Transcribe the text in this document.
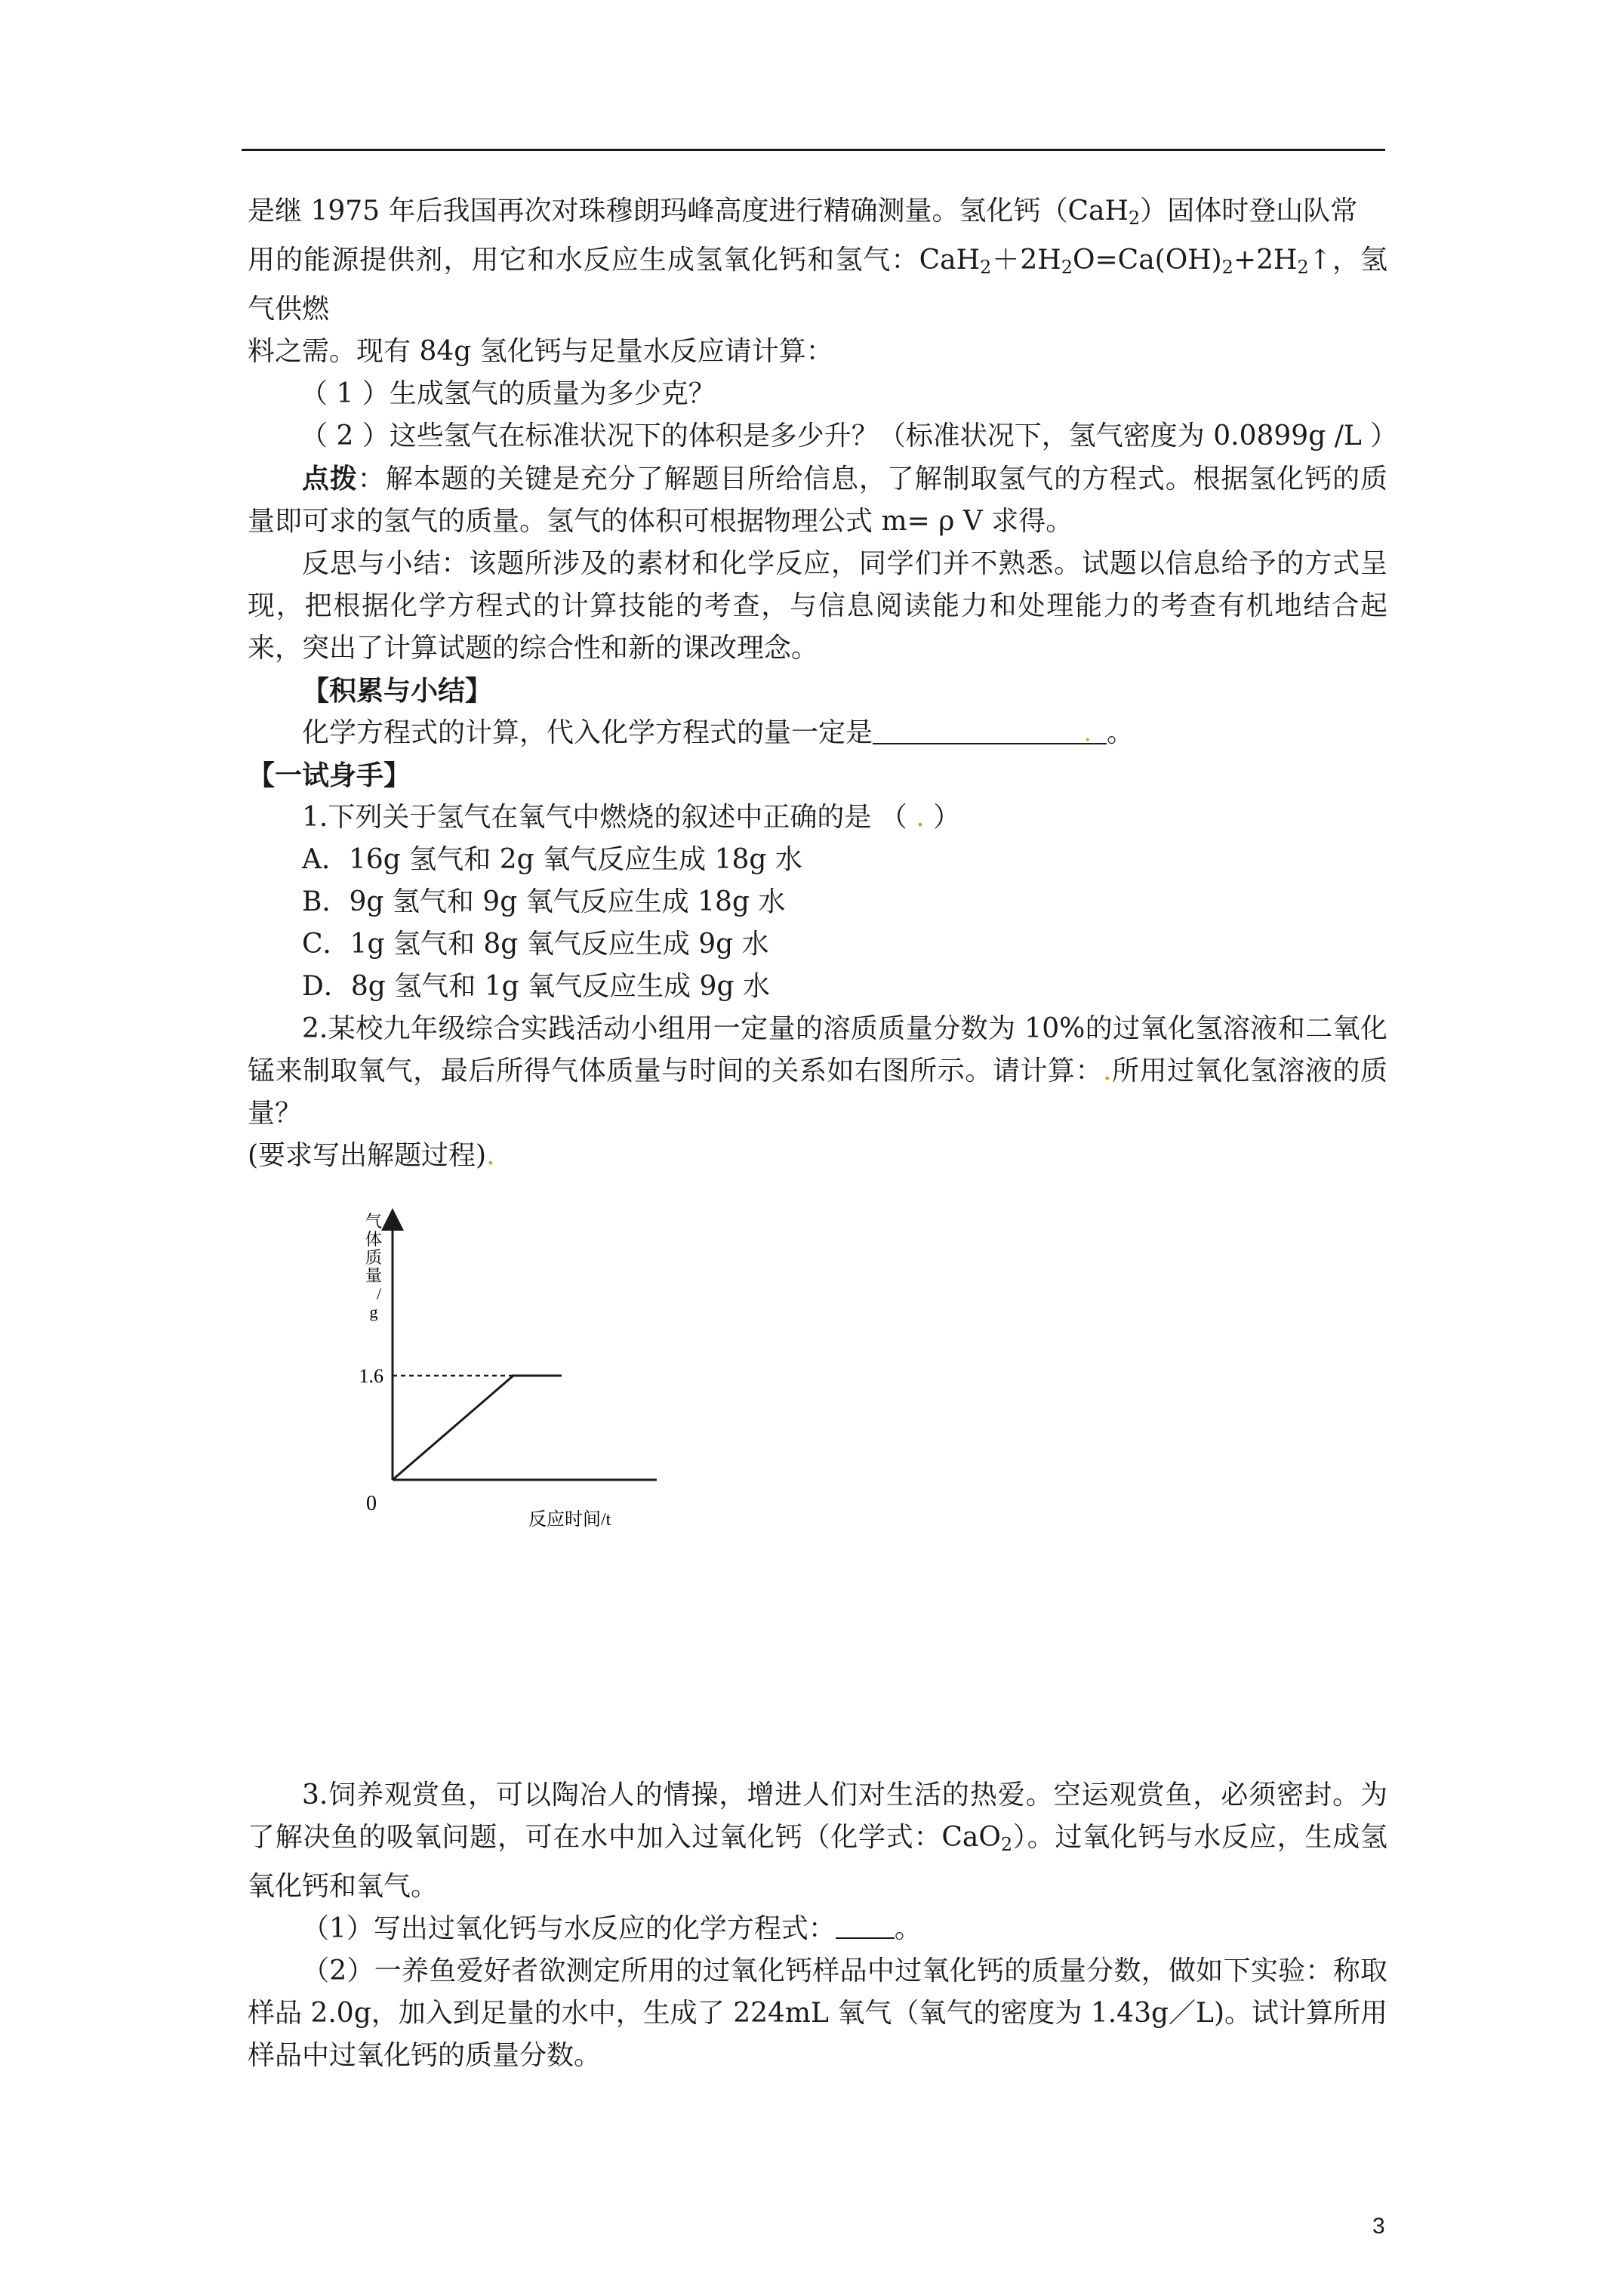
是继 1975 年后我国再次对珠穆朗玛峰高度进行精确测量。氢化钙（CaH$_2$）固体时登山队常

用的能源提供剂，用它和水反应生成氢氧化钙和氢气：$CaH_2+2H_2O=Ca(OH)_2+2H_2↑$，氢气供燃

料之需。现有 84g 氢化钙与足量水反应请计算：

（ 1 ）生成氢气的质量为多少克？

（ 2 ）这些氢气在标准状况下的体积是多少升？（标准状况下，氢气密度为 0.0899g /L ）

点拨：解本题的关键是充分了解题目所给信息，了解制取氢气的方程式。根据氢化钙的质量即可求的氢气的质量。氢气的体积可根据物理公式 m= ρ V 求得。

反思与小结：该题所涉及的素材和化学反应，同学们并不熟悉。试题以信息给予的方式呈现，把根据化学方程式的计算技能的考查，与信息阅读能力和处理能力的考查有机地结合起来，突出了计算试题的综合性和新的课改理念。

【积累与小结】

化学方程式的计算，代入化学方程式的量一定是	. 。

【一试身手】

1.下列关于氢气在氧气中燃烧的叙述中正确的是 （ . ）

A．16g 氢气和 2g 氧气反应生成 18g 水

B．9g 氢气和 9g 氧气反应生成 18g 水

C．1g 氢气和 8g 氧气反应生成 9g 水

D．8g 氢气和 1g 氧气反应生成 9g 水

2.某校九年级综合实践活动小组用一定量的溶质质量分数为 10%的过氧化氢溶液和二氧化锰来制取氧气，最后所得气体质量与时间的关系如右图所示。请计算：.所用过氧化氢溶液的质量？

(要求写出解题过程).

气
体
质
量
/
g
1.6
0
反应时间/t

3.饲养观赏鱼，可以陶冶人的情操，增进人们对生活的热爱。空运观赏鱼，必须密封。为了解决鱼的吸氧问题，可在水中加入过氧化钙（化学式：CaO$_2$）。过氧化钙与水反应，生成氢氧化钙和氧气。

（1）写出过氧化钙与水反应的化学方程式： 。

（2）一养鱼爱好者欲测定所用的过氧化钙样品中过氧化钙的质量分数，做如下实验：称取样品 2.0g，加入到足量的水中，生成了 224mL 氧气（氧气的密度为 1.43g／L)。试计算所用样品中过氧化钙的质量分数。

3
